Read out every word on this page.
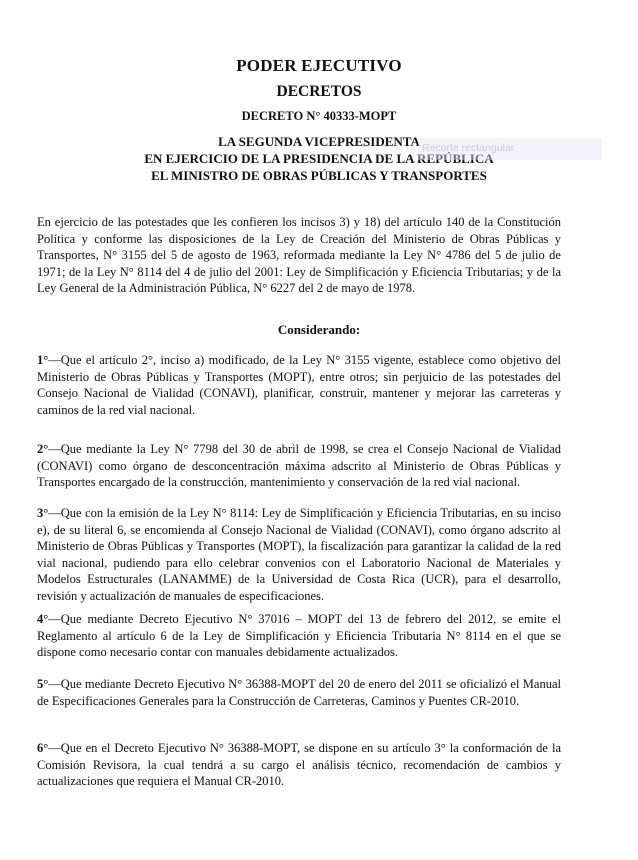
PODER EJECUTIVO
DECRETOS
DECRETO N° 40333-MOPT
LA SEGUNDA VICEPRESIDENTA
EN EJERCICIO DE LA PRESIDENCIA DE LA REPÚBLICA
EL MINISTRO DE OBRAS PÚBLICAS Y TRANSPORTES
Recorte rectangular
En ejercicio de las potestades que les confieren los incisos 3) y 18) del artículo 140 de la Constitución Política y conforme las disposiciones de la Ley de Creación del Ministerio de Obras Públicas y Transportes, N° 3155 del 5 de agosto de 1963, reformada mediante la Ley N° 4786 del 5 de julio de 1971; de la Ley N° 8114 del 4 de julio del 2001: Ley de Simplificación y Eficiencia Tributarias; y de la Ley General de la Administración Pública, N° 6227 del 2 de mayo de 1978.
Considerando:
1°—Que el artículo 2°, inciso a) modificado, de la Ley N° 3155 vigente, establece como objetivo del Ministerio de Obras Públicas y Transportes (MOPT), entre otros; sin perjuicio de las potestades del Consejo Nacional de Vialidad (CONAVI), planificar, construir, mantener y mejorar las carreteras y caminos de la red vial nacional.
2°—Que mediante la Ley N° 7798 del 30 de abril de 1998, se crea el Consejo Nacional de Vialidad (CONAVI) como órgano de desconcentración máxima adscrito al Ministerio de Obras Públicas y Transportes encargado de la construcción, mantenimiento y conservación de la red vial nacional.
3°—Que con la emisión de la Ley N° 8114: Ley de Simplificación y Eficiencia Tributarias, en su inciso e), de su literal 6, se encomienda al Consejo Nacional de Vialidad (CONAVI), como órgano adscrito al Ministerio de Obras Públicas y Transportes (MOPT), la fiscalización para garantizar la calidad de la red vial nacional, pudiendo para ello celebrar convenios con el Laboratorio Nacional de Materiales y Modelos Estructurales (LANAMME) de la Universidad de Costa Rica (UCR), para el desarrollo, revisión y actualización de manuales de especificaciones.
4°—Que mediante Decreto Ejecutivo N° 37016 – MOPT del 13 de febrero del 2012, se emite el Reglamento al artículo 6 de la Ley de Simplificación y Eficiencia Tributaria N° 8114 en el que se dispone como necesario contar con manuales debidamente actualizados.
5°—Que mediante Decreto Ejecutivo N° 36388-MOPT del 20 de enero del 2011 se oficializó el Manual de Especificaciones Generales para la Construcción de Carreteras, Caminos y Puentes CR-2010.
6°—Que en el Decreto Ejecutivo N° 36388-MOPT, se dispone en su artículo 3° la conformación de la Comisión Revisora, la cual tendrá a su cargo el análisis técnico, recomendación de cambios y actualizaciones que requiera el Manual CR-2010.
